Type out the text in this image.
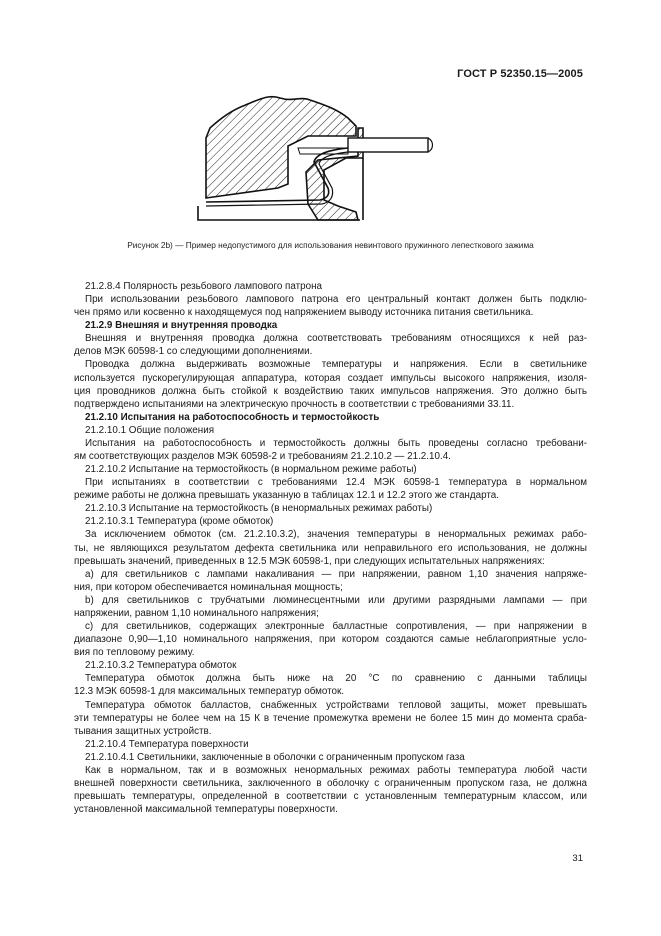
ГОСТ Р 52350.15—2005
Рисунок 2b) — Пример недопустимого для использования невинтового пружинного лепесткового зажима

21.2.8.4 Полярность резьбового лампового патрона

При использовании резьбового лампового патрона его центральный контакт должен быть подклю-

чен прямо или косвенно к находящемуся под напряжением выводу источника питания светильника.

21.2.9 Внешняя и внутренняя проводка

Внешняя и внутренняя проводка должна соответствовать требованиям относящихся к ней раз-

делов МЭК 60598-1 со следующими дополнениями.

Проводка должна выдерживать возможные температуры и напряжения. Если в светильнике

используется пускорегулирующая аппаратура, которая создает импульсы высокого напряжения, изоля-

ция проводников должна быть стойкой к воздействию таких импульсов напряжения. Это должно быть

подтверждено испытаниями на электрическую прочность в соответствии с требованиями 33.11.

21.2.10 Испытания на работоспособность и термостойкость

21.2.10.1 Общие положения

Испытания на работоспособность и термостойкость должны быть проведены согласно требовани-

ям соответствующих разделов МЭК 60598-2 и требованиям 21.2.10.2 — 21.2.10.4.

21.2.10.2 Испытание на термостойкость (в нормальном режиме работы)

При испытаниях в соответствии с требованиями 12.4 МЭК 60598-1 температура в нормальном

режиме работы не должна превышать указанную в таблицах 12.1 и 12.2 этого же стандарта.

21.2.10.3 Испытание на термостойкость (в ненормальных режимах работы)

21.2.10.3.1 Температура (кроме обмоток)

За исключением обмоток (см. 21.2.10.3.2), значения температуры в ненормальных режимах рабо-

ты, не являющихся результатом дефекта светильника или неправильного его использования, не должны

превышать значений, приведенных в 12.5 МЭК 60598-1, при следующих испытательных напряжениях:

a) для светильников с лампами накаливания — при напряжении, равном 1,10 значения напряже-

ния, при котором обеспечивается номинальная мощность;

b) для светильников с трубчатыми люминесцентными или другими разрядными лампами — при

напряжении, равном 1,10 номинального напряжения;

c) для светильников, содержащих электронные балластные сопротивления, — при напряжении в

диапазоне 0,90—1,10 номинального напряжения, при котором создаются самые неблагоприятные усло-

вия по тепловому режиму.

21.2.10.3.2 Температура обмоток

Температура обмоток должна быть ниже на 20 °С по сравнению с данными таблицы

12.3 МЭК 60598-1 для максимальных температур обмоток.

Температура обмоток балластов, снабженных устройствами тепловой защиты, может превышать

эти температуры не более чем на 15 К в течение промежутка времени не более 15 мин до момента сраба-

тывания защитных устройств.

21.2.10.4 Температура поверхности

21.2.10.4.1 Светильники, заключенные в оболочки с ограниченным пропуском газа

Как в нормальном, так и в возможных ненормальных режимах работы температура любой части

внешней поверхности светильника, заключенного в оболочку с ограниченным пропуском газа, не должна

превышать температуры, определенной в соответствии с установленным температурным классом, или

установленной максимальной температуры поверхности.

31
